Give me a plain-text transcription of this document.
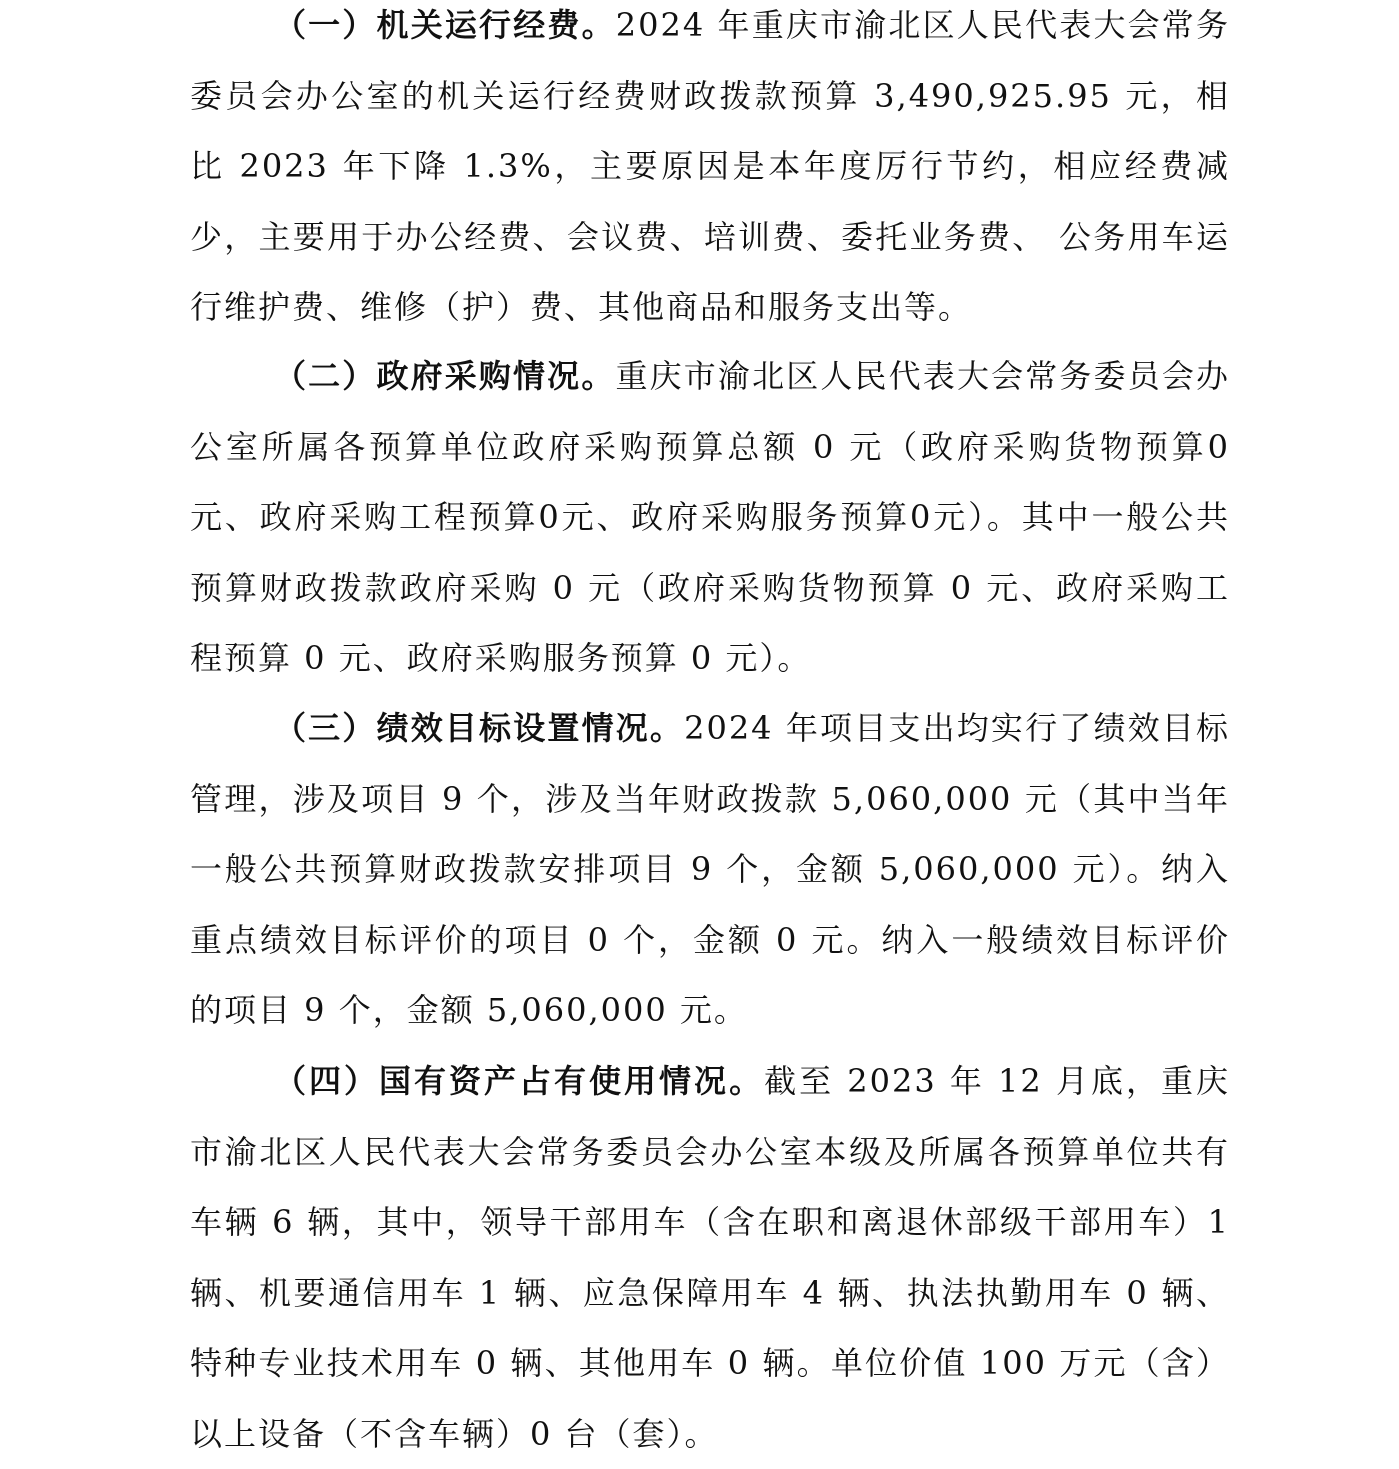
（一）机关运行经费。2024 年重庆市渝北区人民代表大会常务委员会办公室的机关运行经费财政拨款预算 3,490,925.95 元，相比 2023 年下降 1.3%，主要原因是本年度厉行节约，相应经费减少，主要用于办公经费、会议费、培训费、委托业务费、 公务用车运行维护费、维修（护）费、其他商品和服务支出等。

（二）政府采购情况。重庆市渝北区人民代表大会常务委员会办公室所属各预算单位政府采购预算总额 0 元（政府采购货物预算0元、政府采购工程预算0元、政府采购服务预算0元）。其中一般公共预算财政拨款政府采购 0 元（政府采购货物预算 0 元、政府采购工程预算 0 元、政府采购服务预算 0 元）。

（三）绩效目标设置情况。2024 年项目支出均实行了绩效目标管理，涉及项目 9 个，涉及当年财政拨款 5,060,000 元（其中当年一般公共预算财政拨款安排项目 9 个，金额 5,060,000 元）。纳入重点绩效目标评价的项目 0 个，金额 0 元。纳入一般绩效目标评价的项目 9 个，金额 5,060,000 元。

（四）国有资产占有使用情况。截至 2023 年 12 月底，重庆市渝北区人民代表大会常务委员会办公室本级及所属各预算单位共有车辆 6 辆，其中，领导干部用车（含在职和离退休部级干部用车）1 辆、机要通信用车 1 辆、应急保障用车 4 辆、执法执勤用车 0 辆、特种专业技术用车 0 辆、其他用车 0 辆。单位价值 100 万元（含）以上设备（不含车辆）0 台（套）。
